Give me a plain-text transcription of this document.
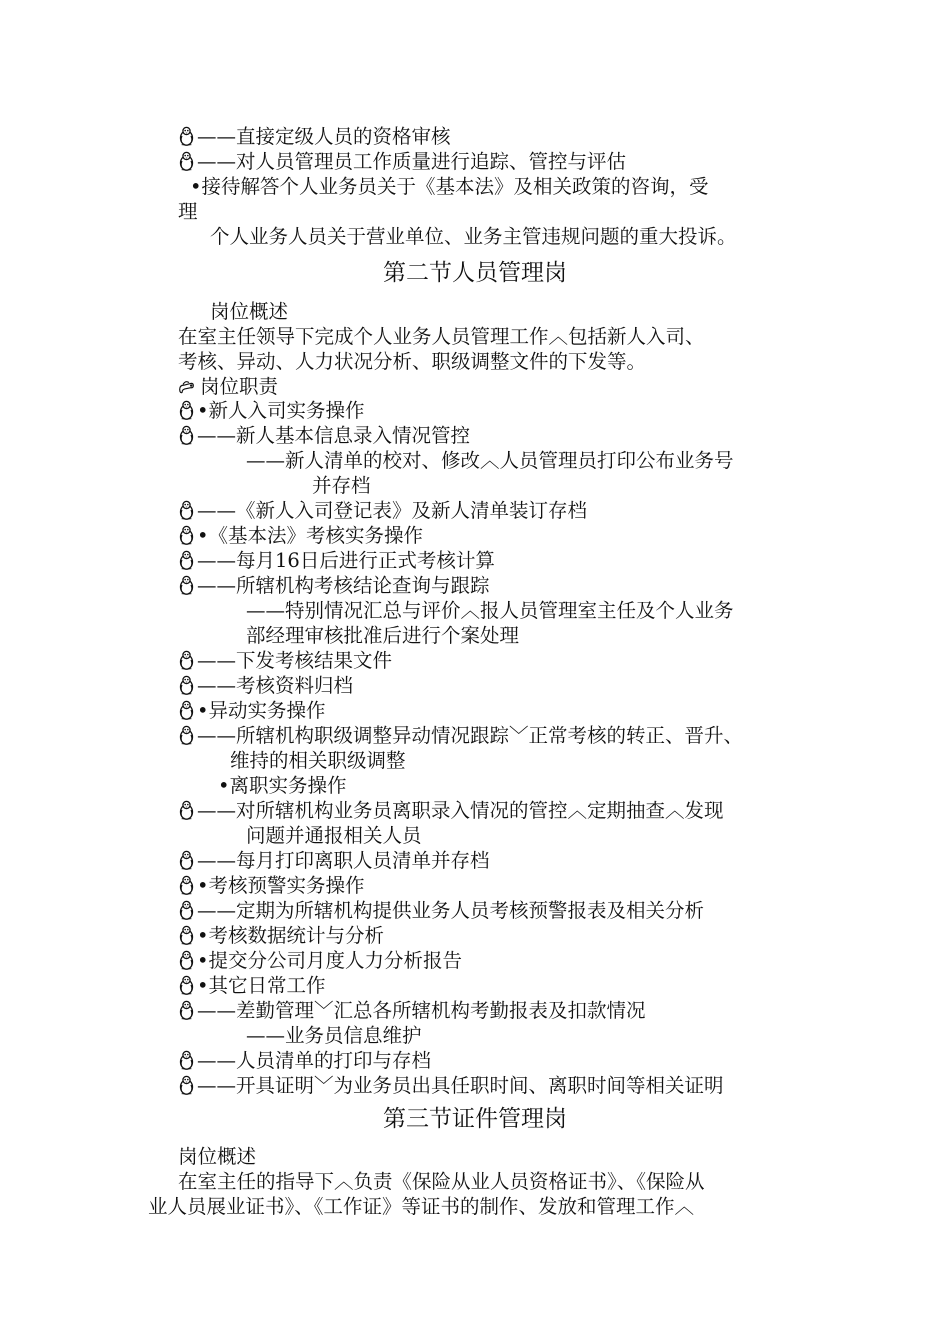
——直接定级人员的资格审核
——对人员管理员工作质量进行追踪、管控与评估
•接待解答个人业务员关于《基本法》及相关政策的咨询，受
理
个人业务人员关于营业单位、业务主管违规问题的重大投诉。
第二节人员管理岗
岗位概述
在室主任领导下完成个人业务人员管理工作︿包括新人入司、
考核、异动、人力状况分析、职级调整文件的下发等。
岗位职责
•新人入司实务操作
——新人基本信息录入情况管控
——新人清单的校对、修改︿人员管理员打印公布业务号
并存档
——《新人入司登记表》及新人清单装订存档
•《基本法》考核实务操作
——每月16日后进行正式考核计算
——所辖机构考核结论查询与跟踪
——特别情况汇总与评价︿报人员管理室主任及个人业务
部经理审核批准后进行个案处理
——下发考核结果文件
——考核资料归档
•异动实务操作
——所辖机构职级调整异动情况跟踪﹀正常考核的转正、晋升、
维持的相关职级调整
•离职实务操作
——对所辖机构业务员离职录入情况的管控︿定期抽查︿发现
问题并通报相关人员
——每月打印离职人员清单并存档
•考核预警实务操作
——定期为所辖机构提供业务人员考核预警报表及相关分析
•考核数据统计与分析
•提交分公司月度人力分析报告
•其它日常工作
——差勤管理﹀汇总各所辖机构考勤报表及扣款情况
——业务员信息维护
——人员清单的打印与存档
——开具证明﹀为业务员出具任职时间、离职时间等相关证明
第三节证件管理岗
岗位概述
在室主任的指导下︿负责《保险从业人员资格证书》、《保险从
业人员展业证书》、《工作证》等证书的制作、发放和管理工作︿
